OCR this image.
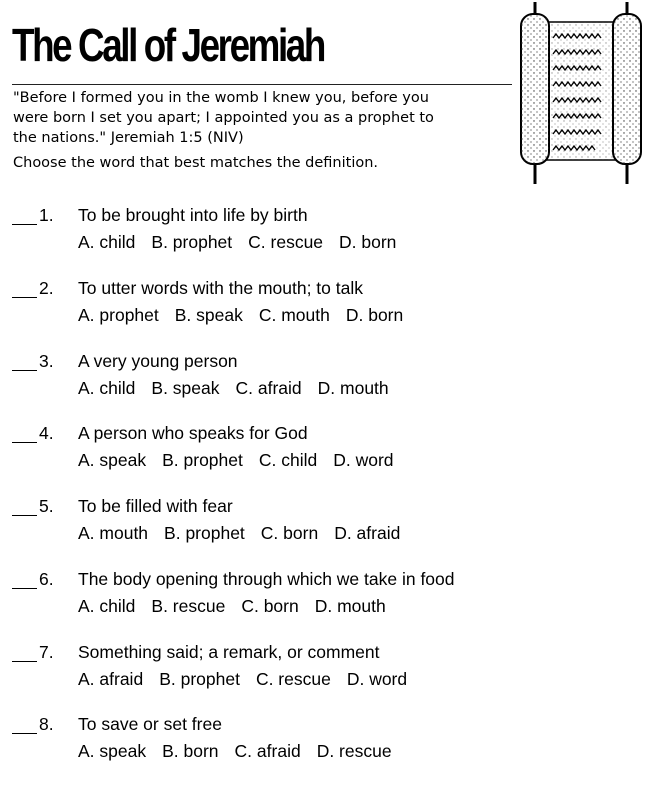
The Call of Jeremiah

"Before I formed you in the womb I knew you, before you
were born I set you apart; I appointed you as a prophet to
the nations." Jeremiah 1:5 (NIV)

Choose the word that best matches the definition.

1. To be brought into life by birth
A. child B. prophet C. rescue D. born
2. To utter words with the mouth; to talk
A. prophet B. speak C. mouth D. born
3. A very young person
A. child B. speak C. afraid D. mouth
4. A person who speaks for God
A. speak B. prophet C. child D. word
5. To be filled with fear
A. mouth B. prophet C. born D. afraid
6. The body opening through which we take in food
A. child B. rescue C. born D. mouth
7. Something said; a remark, or comment
A. afraid B. prophet C. rescue D. word
8. To save or set free
A. speak B. born C. afraid D. rescue
